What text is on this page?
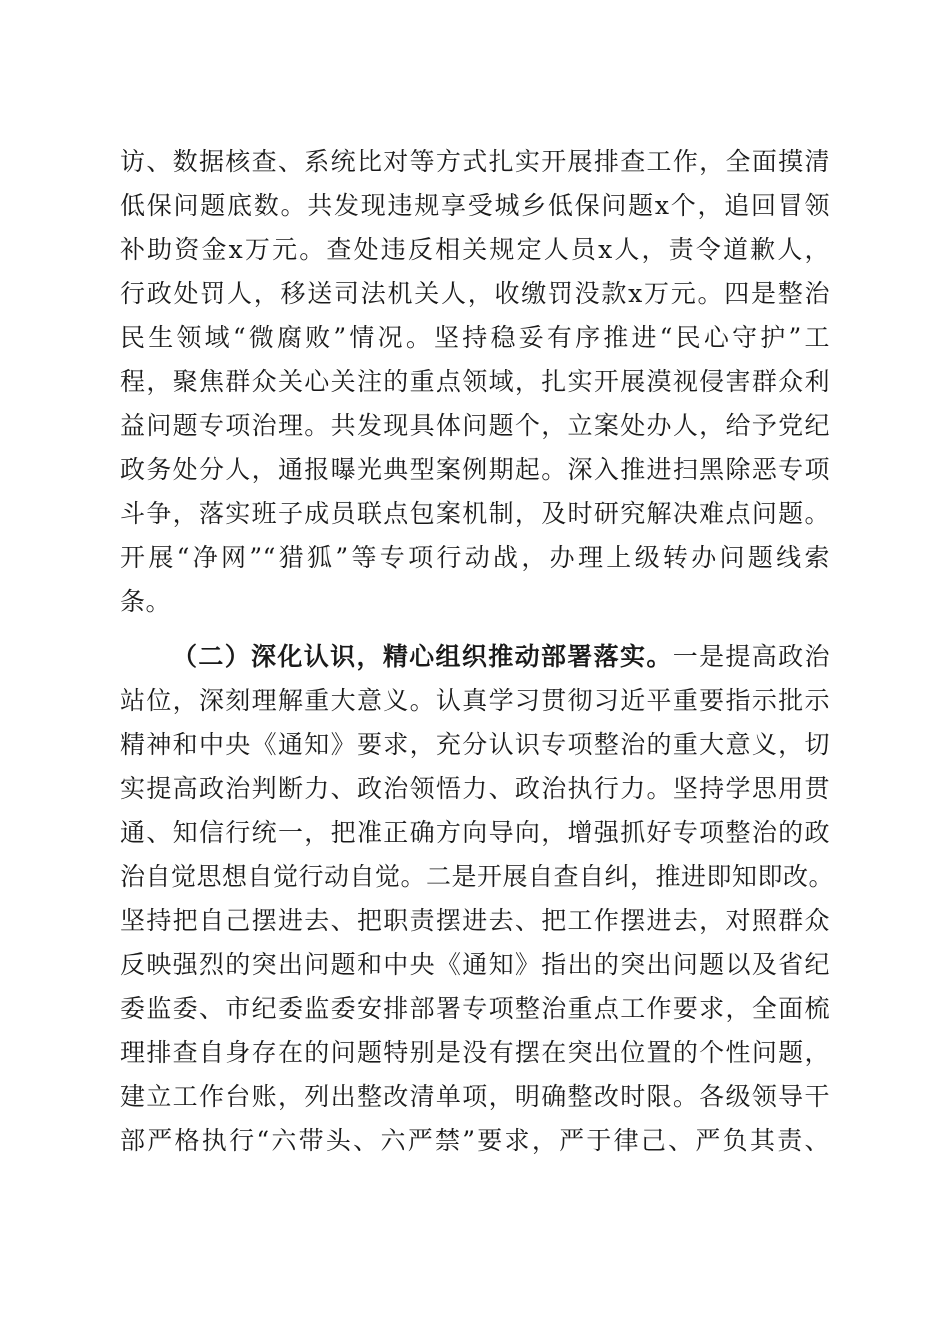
访、数据核查、系统比对等方式扎实开展排查工作，全面摸清

低保问题底数。共发现违规享受城乡低保问题x个，追回冒领

补助资金x万元。查处违反相关规定人员x人，责令道歉人，

行政处罚人，移送司法机关人，收缴罚没款x万元。四是整治

民生领域“微腐败”情况。坚持稳妥有序推进“民心守护”工

程，聚焦群众关心关注的重点领域，扎实开展漠视侵害群众利

益问题专项治理。共发现具体问题个，立案处办人，给予党纪

政务处分人，通报曝光典型案例期起。深入推进扫黑除恶专项

斗争，落实班子成员联点包案机制，及时研究解决难点问题。

开展“净网”“猎狐”等专项行动战，办理上级转办问题线索

条。

（二）深化认识，精心组织推动部署落实。一是提高政治

站位，深刻理解重大意义。认真学习贯彻习近平重要指示批示

精神和中央《通知》要求，充分认识专项整治的重大意义，切

实提高政治判断力、政治领悟力、政治执行力。坚持学思用贯

通、知信行统一，把准正确方向导向，增强抓好专项整治的政

治自觉思想自觉行动自觉。二是开展自查自纠，推进即知即改。

坚持把自己摆进去、把职责摆进去、把工作摆进去，对照群众

反映强烈的突出问题和中央《通知》指出的突出问题以及省纪

委监委、市纪委监委安排部署专项整治重点工作要求，全面梳

理排查自身存在的问题特别是没有摆在突出位置的个性问题，

建立工作台账，列出整改清单项，明确整改时限。各级领导干

部严格执行“六带头、六严禁”要求，严于律己、严负其责、
